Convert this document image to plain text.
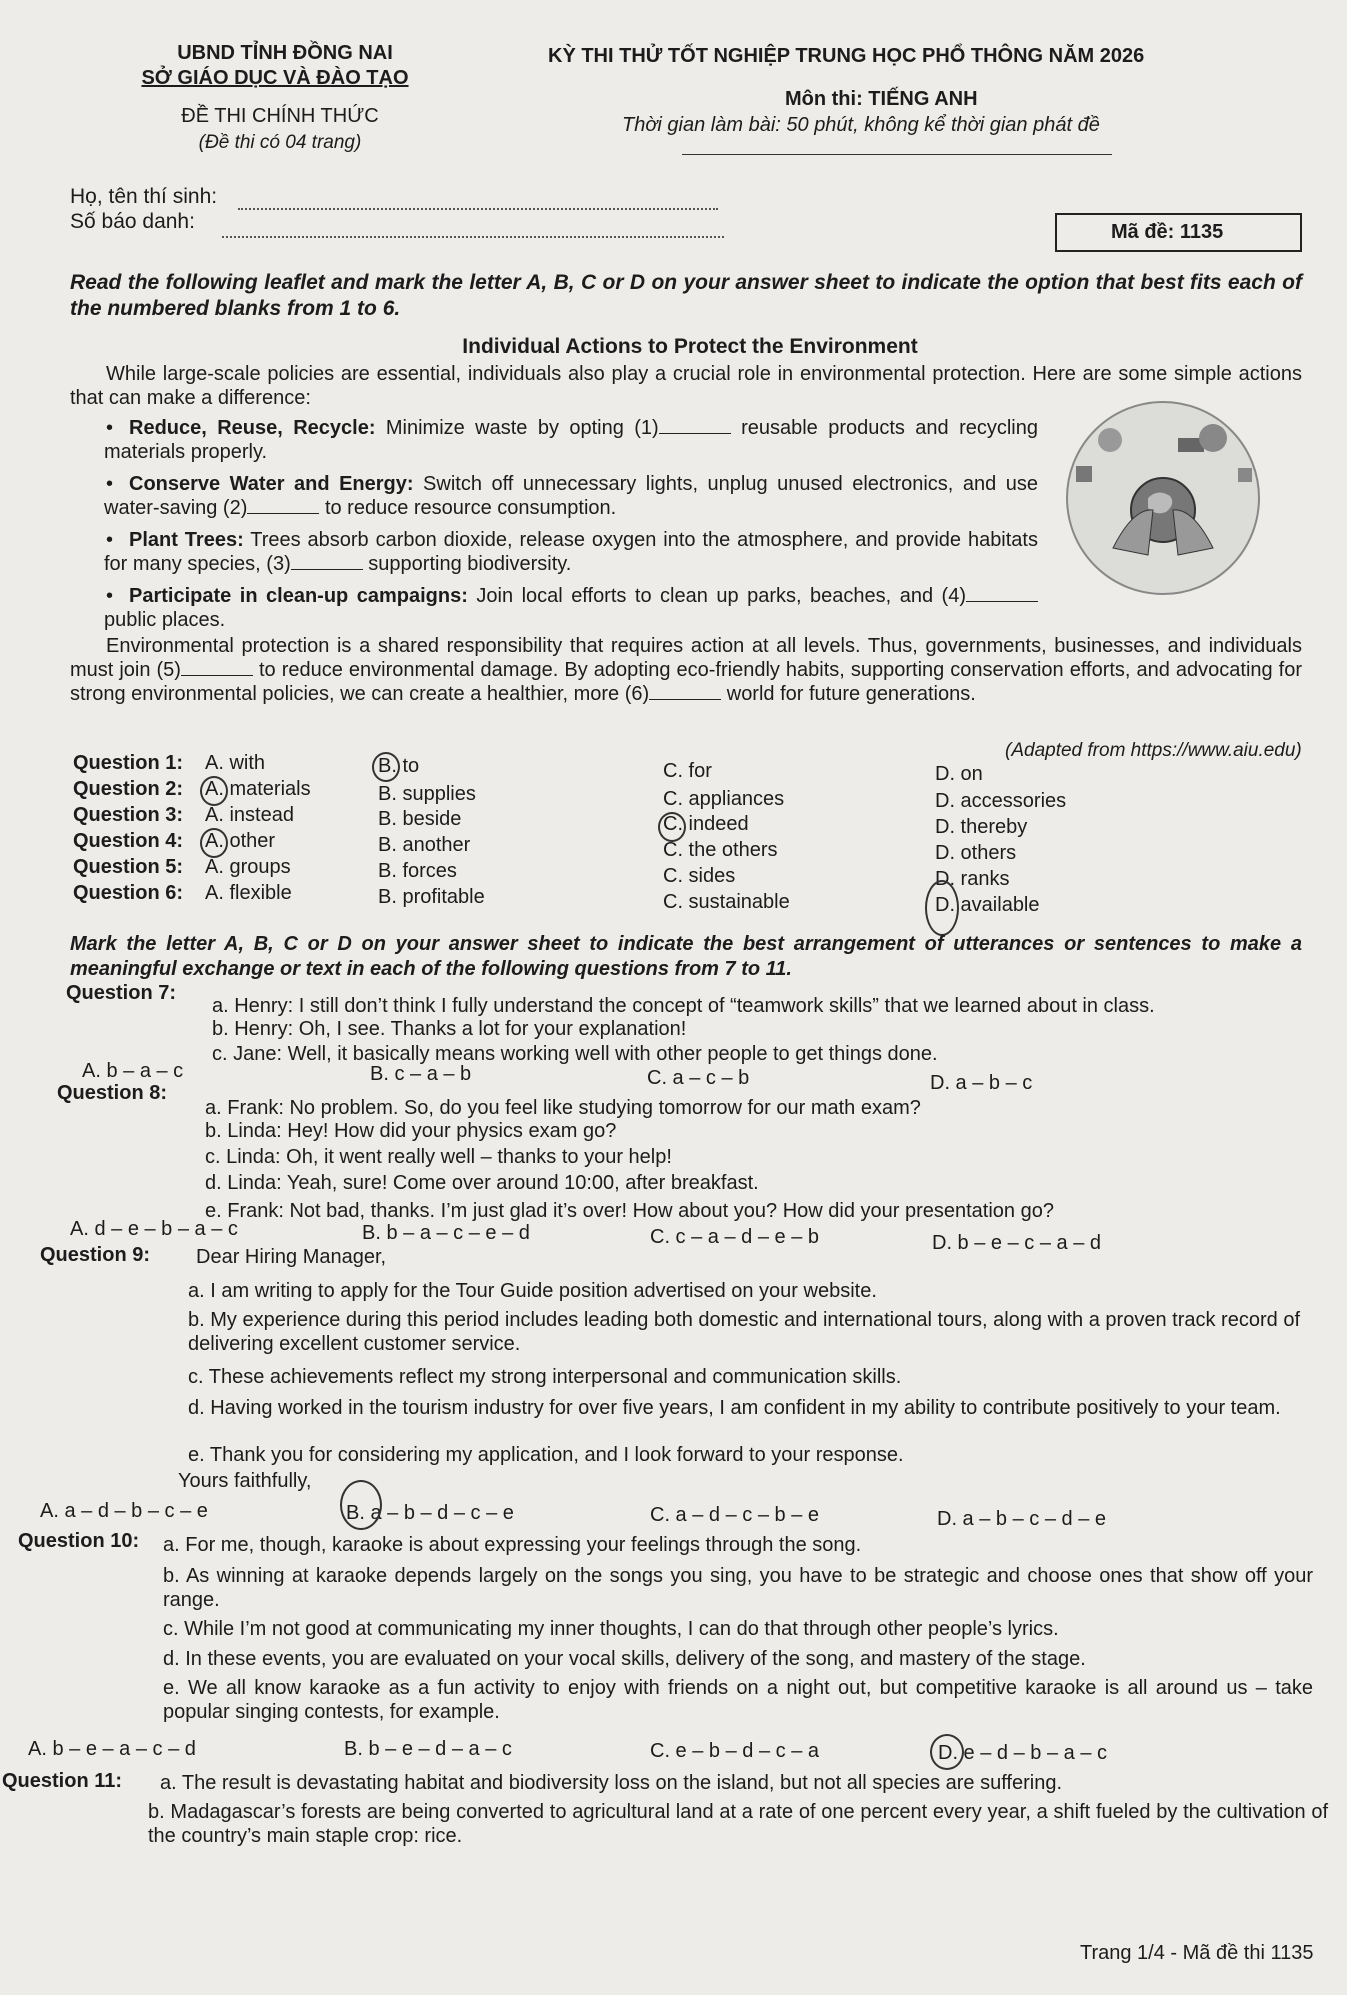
UBND TỈNH ĐỒNG NAI
SỞ GIÁO DỤC VÀ ĐÀO TẠO
ĐỀ THI CHÍNH THỨC
(Đề thi có 04 trang)
KỲ THI THỬ TỐT NGHIỆP TRUNG HỌC PHỔ THÔNG NĂM 2026
Môn thi: TIẾNG ANH
Thời gian làm bài: 50 phút, không kể thời gian phát đề
Họ, tên thí sinh:
Số báo danh:	Mã đề: 1135
Read the following leaflet and mark the letter A, B, C or D on your answer sheet to indicate the option that best fits each of the numbered blanks from 1 to 6.
Individual Actions to Protect the Environment
While large-scale policies are essential, individuals also play a crucial role in environmental protection. Here are some simple actions that can make a difference:
• Reduce, Reuse, Recycle: Minimize waste by opting (1)	reusable products and recycling materials properly.
• Conserve Water and Energy: Switch off unnecessary lights, unplug unused electronics, and use water-saving (2)	to reduce resource consumption.
• Plant Trees: Trees absorb carbon dioxide, release oxygen into the atmosphere, and provide habitats for many species, (3)	supporting biodiversity.
• Participate in clean-up campaigns: Join local efforts to clean up parks, beaches, and (4) public places.
Environmental protection is a shared responsibility that requires action at all levels. Thus, governments, businesses, and individuals must join (5)	to reduce environmental damage. By adopting eco-friendly habits, supporting conservation efforts, and advocating for strong environmental policies, we can create a healthier, more (6)	world for future generations.
(Adapted from https://www.aiu.edu)
Question 1: A. with	B. to	C. for	D. on
Question 2: A. materials	B. supplies	C. appliances	D. accessories
Question 3: A. instead	B. beside	C. indeed	D. thereby
Question 4: A. other	B. another	C. the others	D. others
Question 5: A. groups	B. forces	C. sides	D. ranks
Question 6: A. flexible	B. profitable	C. sustainable	D. available
Mark the letter A, B, C or D on your answer sheet to indicate the best arrangement of utterances or sentences to make a meaningful exchange or text in each of the following questions from 7 to 11.
Question 7:
a. Henry: I still don’t think I fully understand the concept of “teamwork skills” that we learned about in class.
b. Henry: Oh, I see. Thanks a lot for your explanation!
c. Jane: Well, it basically means working well with other people to get things done.
A. b – a – c	B. c – a – b	C. a – c – b	D. a – b – c
Question 8:
a. Frank: No problem. So, do you feel like studying tomorrow for our math exam?
b. Linda: Hey! How did your physics exam go?
c. Linda: Oh, it went really well – thanks to your help!
d. Linda: Yeah, sure! Come over around 10:00, after breakfast.
e. Frank: Not bad, thanks. I’m just glad it’s over! How about you? How did your presentation go?
A. d – e – b – a – c	B. b – a – c – e – d	C. c – a – d – e – b	D. b – e – c – a – d
Question 9: Dear Hiring Manager,
a. I am writing to apply for the Tour Guide position advertised on your website.
b. My experience during this period includes leading both domestic and international tours, along with a proven track record of delivering excellent customer service.
c. These achievements reflect my strong interpersonal and communication skills.
d. Having worked in the tourism industry for over five years, I am confident in my ability to contribute positively to your team.
e. Thank you for considering my application, and I look forward to your response.
Yours faithfully,
A. a – d – b – c – e	B. a – b – d – c – e	C. a – d – c – b – e	D. a – b – c – d – e
Question 10: a. For me, though, karaoke is about expressing your feelings through the song.
b. As winning at karaoke depends largely on the songs you sing, you have to be strategic and choose ones that show off your range.
c. While I’m not good at communicating my inner thoughts, I can do that through other people’s lyrics.
d. In these events, you are evaluated on your vocal skills, delivery of the song, and mastery of the stage.
e. We all know karaoke as a fun activity to enjoy with friends on a night out, but competitive karaoke is all around us – take popular singing contests, for example.
A. b – e – a – c – d	B. b – e – d – a – c	C. e – b – d – c – a	D. e – d – b – a – c
Question 11: a. The result is devastating habitat and biodiversity loss on the island, but not all species are suffering.
b. Madagascar’s forests are being converted to agricultural land at a rate of one percent every year, a shift fueled by the cultivation of the country’s main staple crop: rice.
Trang 1/4 - Mã đề thi 1135
